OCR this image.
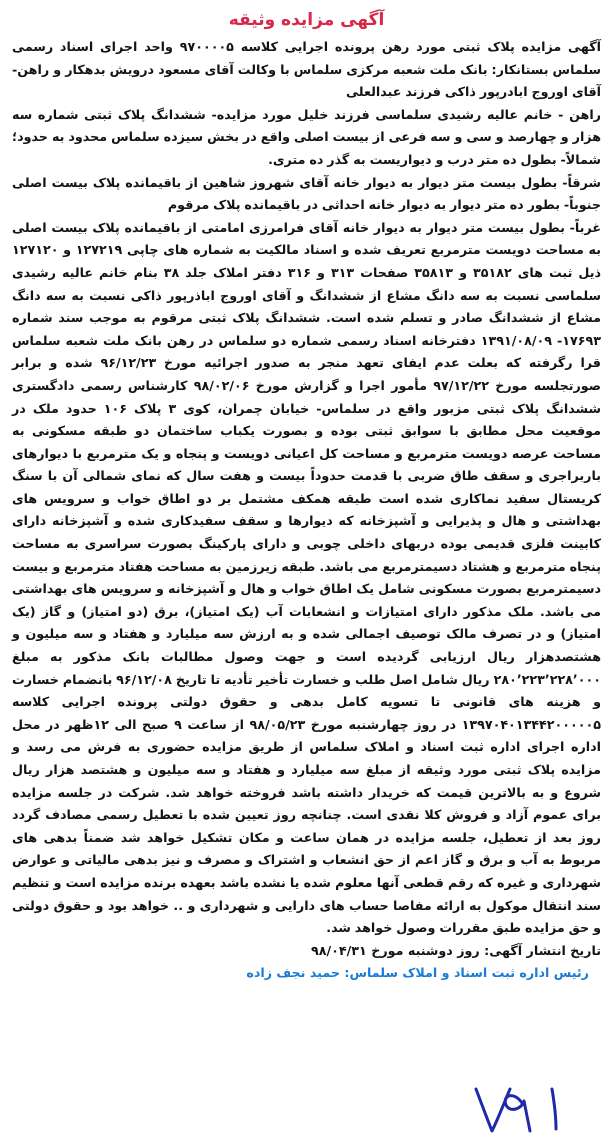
آگهی مزایده وثیقه

آگهی مزایده پلاک ثبتی مورد رهن پرونده اجرایی کلاسه ۹۷۰۰۰۰۵ واحد اجرای اسناد رسمی سلماس بستانکار: بانک ملت شعبه مرکزی سلماس با وکالت آقای مسعود درویش بدهکار و راهن- آقای اوروج ابادرپور ذاکی فرزند عبدالعلی

راهن - خانم عالیه رشیدی سلماسی فرزند خلیل مورد مزایده- ششدانگ پلاک ثبتی شماره سه هزار و چهارصد و سی و سه فرعی از بیست اصلی واقع در بخش سیزده سلماس محدود به حدود؛ شمالاً- بطول ده متر درب و دیواریست به گذر ده متری.

شرقاً- بطول بیست متر دیوار به دیوار خانه آقای شهروز شاهین از باقیمانده پلاک بیست اصلی جنوباً- بطور ده متر دیوار به دیوار خانه احداثی در باقیمانده پلاک مرقوم

غرباً- بطول بیست متر دیوار به دیوار خانه آقای فرامرزی امامتی از باقیمانده پلاک بیست اصلی به مساحت دویست مترمربع تعریف شده و اسناد مالکیت به شماره های چاپی ۱۲۷۲۱۹ و ۱۲۷۱۲۰ ذیل ثبت های ۳۵۱۸۲ و ۳۵۸۱۳ صفحات ۳۱۳ و ۳۱۶ دفتر املاک جلد ۳۸ بنام خانم عالیه رشیدی سلماسی نسبت به سه دانگ مشاع از ششدانگ و آقای اوروج اباذرپور ذاکی نسبت به سه دانگ مشاع از ششدانگ صادر و تسلم شده است. ششدانگ پلاک ثبتی مرقوم به موجب سند شماره ۱۷۶۹۳- ۱۳۹۱/۰۸/۰۹ دفترخانه اسناد رسمی شماره دو سلماس در رهن بانک ملت شعبه سلماس قرا رگرفته که بعلت عدم ایفای تعهد منجر به صدور اجرائیه مورخ ۹۶/۱۲/۲۳ شده و برابر صورتجلسه مورخ ۹۷/۱۲/۲۲ مأمور اجرا و گزارش مورخ ۹۸/۰۲/۰۶ کارشناس رسمی دادگستری ششدانگ پلاک ثبتی مزبور واقع در سلماس- خیابان چمران، کوی ۳ پلاک ۱۰۶ حدود ملک در موقعیت محل مطابق با سوابق ثبتی بوده و بصورت یکباب ساختمان دو طبقه مسکونی به مساحت عرصه دویست مترمربع و مساحت کل اعیانی دویست و پنجاه و یک مترمربع با دیوارهای باربراجری و سقف طاق ضربی با قدمت حدوداً بیست و هفت سال که نمای شمالی آن با سنگ کریستال سفید نماکاری شده است طبقه همکف مشتمل بر دو اطاق خواب و سرویس های بهداشتی و هال و پذیرایی و آشپزخانه که دیوارها و سقف سفیدکاری شده و آشپزخانه دارای کابینت فلزی قدیمی بوده دربهای داخلی چوبی و دارای پارکینگ بصورت سراسری به مساحت پنجاه مترمربع و هشتاد دسیمترمربع می باشد. طبقه زیرزمین به مساحت هفتاد مترمربع و بیست دسیمترمربع بصورت مسکونی شامل یک اطاق خواب و هال و آشپزخانه و سرویس های بهداشتی می باشد. ملک مذکور دارای امتیازات و انشعابات آب (یک امتیاز)، برق (دو امتیاز) و گاز (یک امتیاز) و در تصرف مالک توصیف اجمالی شده و به ارزش سه میلیارد و هفتاد و سه میلیون و هشتصدهزار ریال ارزیابی گردیده است و جهت وصول مطالبات بانک مذکور به مبلغ ۲۸۰٬۲۲۳٬۲۲۸٬۰۰۰ ریال شامل اصل طلب و خسارت تأخیر تأدیه تا تاریخ ۹۶/۱۲/۰۸ بانضمام خسارت و هزینه های قانونی تا تسویه کامل بدهی و حقوق دولتی پرونده اجرایی کلاسه ۱۳۹۷۰۴۰۱۳۴۴۲۰۰۰۰۰۵ در روز چهارشنبه مورخ ۹۸/۰۵/۲۳ از ساعت ۹ صبح الی ۱۲ظهر در محل اداره اجرای اداره ثبت اسناد و املاک سلماس از طریق مزایده حضوری به فرش می رسد و مزایده پلاک ثبتی مورد وثیقه از مبلغ سه میلیارد و هفتاد و سه میلیون و هشتصد هزار ریال شروع و به بالاترین قیمت که خریدار داشته باشد فروخته خواهد شد. شرکت در جلسه مزایده برای عموم آزاد و فروش کلا نقدی است. چنانچه روز تعیین شده با تعطیل رسمی مصادف گردد روز بعد از تعطیل، جلسه مزایده در همان ساعت و مکان تشکیل خواهد شد ضمناً بدهی های مربوط به آب و برق و گاز اعم از حق انشعاب و اشتراک و مصرف و نیز بدهی مالیاتی و عوارض شهرداری و غیره که رقم قطعی آنها معلوم شده یا نشده باشد بعهده برنده مزایده است و تنظیم سند انتقال موکول به ارائه مفاصا حساب های دارایی و شهرداری و .. خواهد بود و حقوق دولتی و حق مزایده طبق مقررات وصول خواهد شد.

تاریخ انتشار آگهی: روز دوشنبه مورخ ۹۸/۰۴/۳۱

رئیس اداره ثبت اسناد و املاک سلماس: حمید نجف زاده
